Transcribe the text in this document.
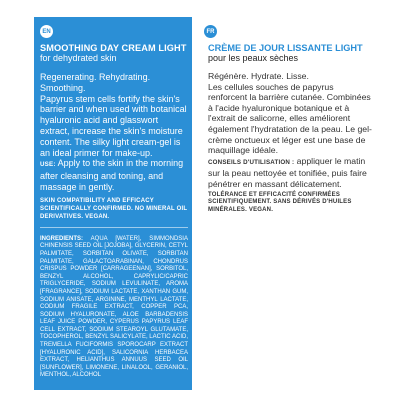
EN
SMOOTHING DAY CREAM LIGHT
for dehydrated skin

Regenerating. Rehydrating. Smoothing.

Papyrus stem cells fortify the skin's barrier and when used with botanical hyaluronic acid and glasswort extract, increase the skin's moisture content. The silky light cream-gel is an ideal primer for make-up.

USE: Apply to the skin in the morning after cleansing and toning, and massage in gently.

SKIN COMPATIBILITY AND EFFICACY SCIENTIFICALLY CONFIRMED. NO MINERAL OIL DERIVATIVES. VEGAN.
INGREDIENTS: AQUA [WATER], SIMMONDSIA CHINENSIS SEED OIL [JOJOBA], GLYCERIN, CETYL PALMITATE, SORBITAN OLIVATE, SORBITAN PALMITATE, GALACTOARABINAN, CHONDRUS CRISPUS POWDER [CARRAGEENAN], SORBITOL, BENZYL ALCOHOL, CAPRYLIC/CAPRIC TRIGLYCERIDE, SODIUM LEVULINATE, AROMA [FRAGRANCE], SODIUM LACTATE, XANTHAN GUM, SODIUM ANISATE, ARGININE, MENTHYL LACTATE, CODIUM FRAGILE EXTRACT, COPPER PCA, SODIUM HYALURONATE, ALOE BARBADENSIS LEAF JUICE POWDER, CYPERUS PAPYRUS LEAF CELL EXTRACT, SODIUM STEAROYL GLUTAMATE, TOCOPHEROL, BENZYL SALICYLATE, LACTIC ACID, TREMELLA FUCIFORMIS SPOROCARP EXTRACT [HYALURONIC ACID], SALICORNIA HERBACEA EXTRACT, HELIANTHUS ANNUUS SEED OIL [SUNFLOWER], LIMONENE, LINALOOL, GERANIOL, MENTHOL, ALCOHOL
FR
CRÈME DE JOUR LISSANTE LIGHT
pour les peaux sèches

Régénère. Hydrate. Lisse.

Les cellules souches de papyrus renforcent la barrière cutanée. Combinées à l'acide hyaluronique botanique et à l'extrait de salicorne, elles améliorent également l'hydratation de la peau. Le gel-crème onctueux et léger est une base de maquillage idéale.

CONSEILS D'UTILISATION : appliquer le matin sur la peau nettoyée et tonifiée, puis faire pénétrer en massant délicatement.

TOLÉRANCE ET EFFICACITÉ CONFIRMÉES SCIENTIFIQUEMENT. SANS DÉRIVÉS D'HUILES MINÉRALES. VEGAN.
